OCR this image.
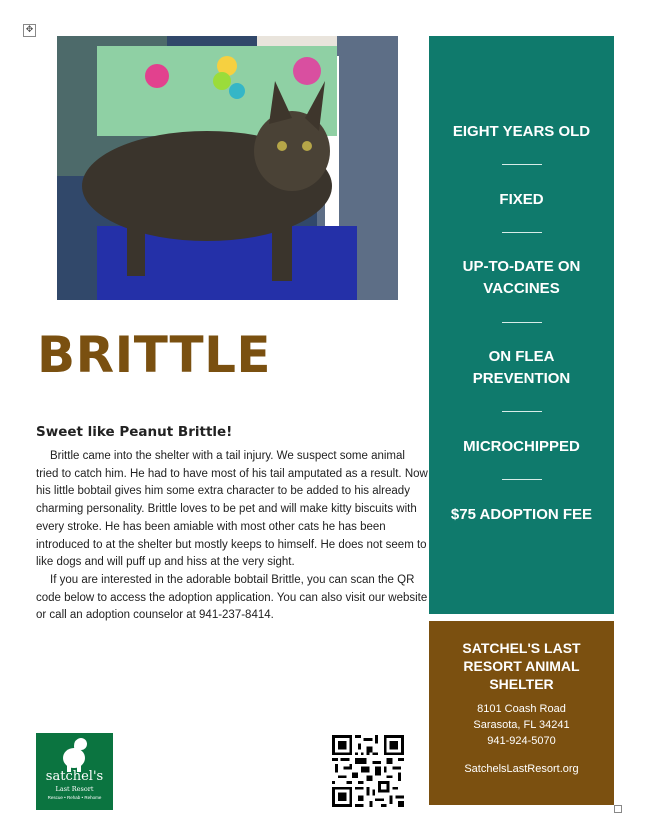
✥
BRITTLE
Sweet like Peanut Brittle!

Brittle came into the shelter with a tail injury. We suspect some animal tried to catch him. He had to have most of his tail amputated as a result. Now his little bobtail gives him some extra character to be added to his already charming personality. Brittle loves to be pet and will make kitty biscuits with every stroke. He has been amiable with most other cats he has been introduced to at the shelter but mostly keeps to himself. He does not seem to like dogs and will puff up and hiss at the very sight.

If you are interested in the adorable bobtail Brittle, you can scan the QR code below to access the adoption application. You can also visit our website or call an adoption counselor at 941-237-8414.

EIGHT YEARS OLD
FIXED
UP-TO-DATE ON VACCINES
ON FLEA PREVENTION
MICROCHIPPED
$75 ADOPTION FEE
SATCHEL'S LAST RESORT ANIMAL SHELTER
8101 Coash Road
Sarasota, FL 34241
941-924-5070
SatchelsLastResort.org
satchel's
Last Resort
Rescue • Rehab • Rehome
